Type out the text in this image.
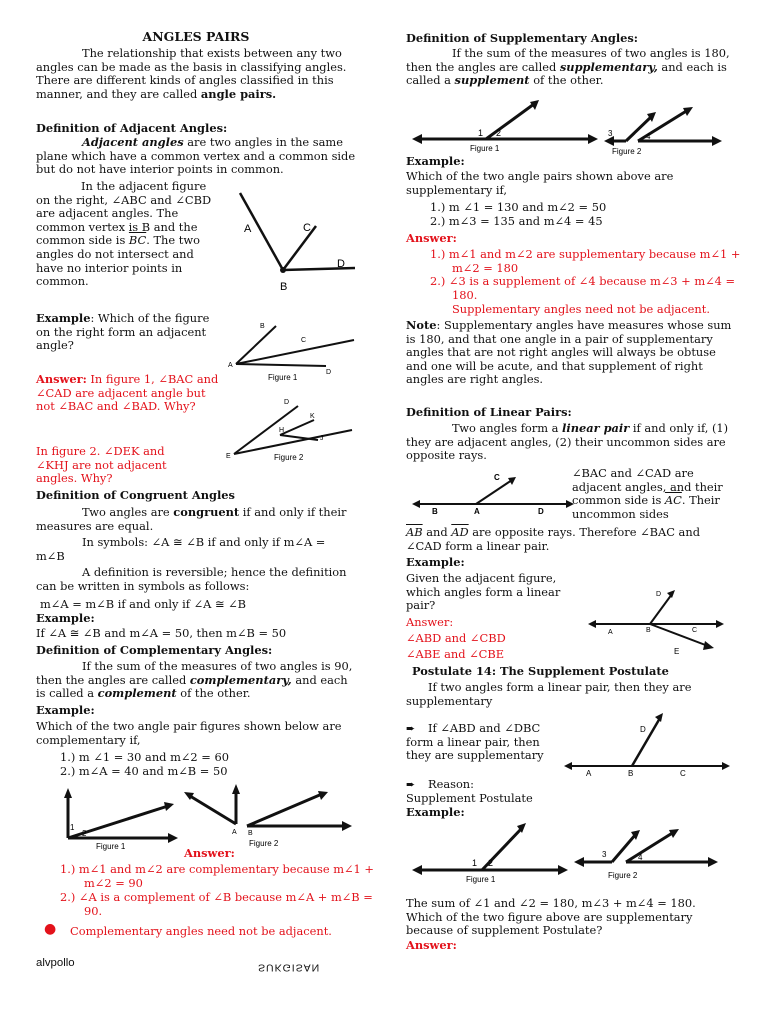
ANGLES PAIRS

The relationship that exists between any two angles can be made as the basis in classifying angles. There are different kinds of angles classified in this manner, and they are called angle pairs.

Definition of Adjacent Angles:

Adjacent angles are two angles in the same plane which have a common vertex and a common side but do not have interior points in common.

In the adjacent figure on the right, ∠ABC and ∠CBD are adjacent angles. The common vertex is B and the common side is $\overline{BC}$. The two angles do not intersect and have no interior points in common.

A	C
D
B

Example: Which of the figure on the right form an adjacent angle?

B
C
A
D
Figure 1

Answer: In figure 1, ∠BAC and ∠CAD are adjacent angle but not ∠BAC and ∠BAD. Why?	D
K
H
J
E	Figure 2

In figure 2. ∠DEK and ∠KHJ are not adjacent angles. Why?

Definition of Congruent Angles

Two angles are congruent if and only if their measures are equal.

In symbols: ∠A ≅ ∠B if and only if m∠A = m∠B

A definition is reversible; hence the definition can be written in symbols as follows:

m∠A = m∠B if and only if ∠A ≅ ∠B

Example:

If ∠A ≅ ∠B and m∠A = 50, then m∠B = 50

Definition of Complementary Angles:

If the sum of the measures of two angles is 90, then the angles are called complementary, and each is called a complement of the other.

Example:

Which of the two angle pair figures shown below are complementary if,

1.) m ∠1 = 30 and m∠2 = 60
2.) m∠A = 40 and m∠B = 50
1
2
Figure 1
A B
Figure 2
Answer:

1.) m∠1 and m∠2 are complementary because m∠1 + m∠2 = 90

2.) ∠A is a complement of ∠B because m∠A + m∠B = 90.

● Complementary angles need not be adjacent.
alvpollo	SUKGISAN
Definition of Supplementary Angles:

If the sum of the measures of two angles is 180, then the angles are called supplementary, and each is called a supplement of the other.

1 2
Figure 1
3	4
Figure 2
Example:

Which of the two angle pairs shown above are supplementary if,

1.) m ∠1 = 130 and m∠2 = 50
2.) m∠3 = 135 and m∠4 = 45
Answer:

1.) m∠1 and m∠2 are supplementary because m∠1 + m∠2 = 180

2.) ∠3 is a supplement of ∠4 because m∠3 + m∠4 = 180.

Supplementary angles need not be adjacent.

Note: Supplementary angles have measures whose sum is 180, and that one angle in a pair of supplementary angles that are not right angles will always be obtuse and one will be acute, and that supplement of right angles are right angles.

Definition of Linear Pairs:

Two angles form a linear pair if and only if, (1) they are adjacent angles, (2) their uncommon sides are opposite rays.

C
B	A	D

∠BAC and ∠CAD are adjacent angles, and their common side is $\overline{AC}$. Their uncommon sides

$\overline{AB}$ and $\overline{AD}$ are opposite rays. Therefore ∠BAC and ∠CAD form a linear pair.

Example:

Given the adjacent figure, which angles form a linear pair?

Answer:
∠ABD and ∠CBD
∠ABE and ∠CBE
D
A	B	C
E
Postulate 14: The Supplement Postulate

If two angles form a linear pair, then they are supplementary

➨	If ∠ABD and ∠DBC form a linear pair, then they are supplementary

➨ Reason:
Supplement Postulate
D
A	B	C
Example:
1 2
Figure 1
3	4
Figure 2

The sum of ∠1 and ∠2 = 180, m∠3 + m∠4 = 180. Which of the two figure above are supplementary because of supplement Postulate?

Answer:
